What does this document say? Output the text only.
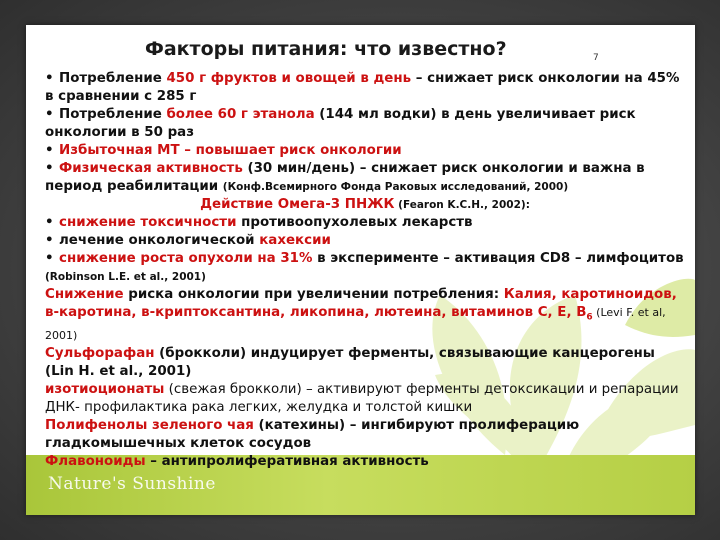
Nature's Sunshine
Факторы питания: что известно?	7

• Потребление 450 г фруктов и овощей в день – снижает риск онкологии на 45% в сравнении с 285 г

• Потребление более 60 г этанола (144 мл водки) в день увеличивает риск онкологии в 50 раз

• Избыточная МТ – повышает риск онкологии

• Физическая активность (30 мин/день) – снижает риск онкологии и важна в период реабилитации (Конф.Всемирного Фонда Раковых исследований, 2000)

Действие Омега-3 ПНЖК (Fearon K.C.H., 2002):

• снижение токсичности противоопухолевых лекарств

• лечение онкологической кахексии

• снижение роста опухоли на 31% в эксперименте – активация CD8 – лимфоцитов (Robinson L.E. et al., 2001)

Снижение риска онкологии при увеличении потребления: Калия, каротиноидов, в-каротина, в-криптоксантина, ликопина, лютеина, витаминов С, Е, $В_6$ (Levi F. et al, 2001)

Сульфорафан (брокколи) индуцирует ферменты, связывающие канцерогены (Lin H. et al., 2001)

изотиоционаты (свежая брокколи) – активируют ферменты детоксикации и репарации ДНК- профилактика рака легких, желудка и толстой кишки

Полифенолы зеленого чая (катехины) – ингибируют пролиферацию гладкомышечных клеток сосудов

Флавоноиды – антипролиферативная активность
